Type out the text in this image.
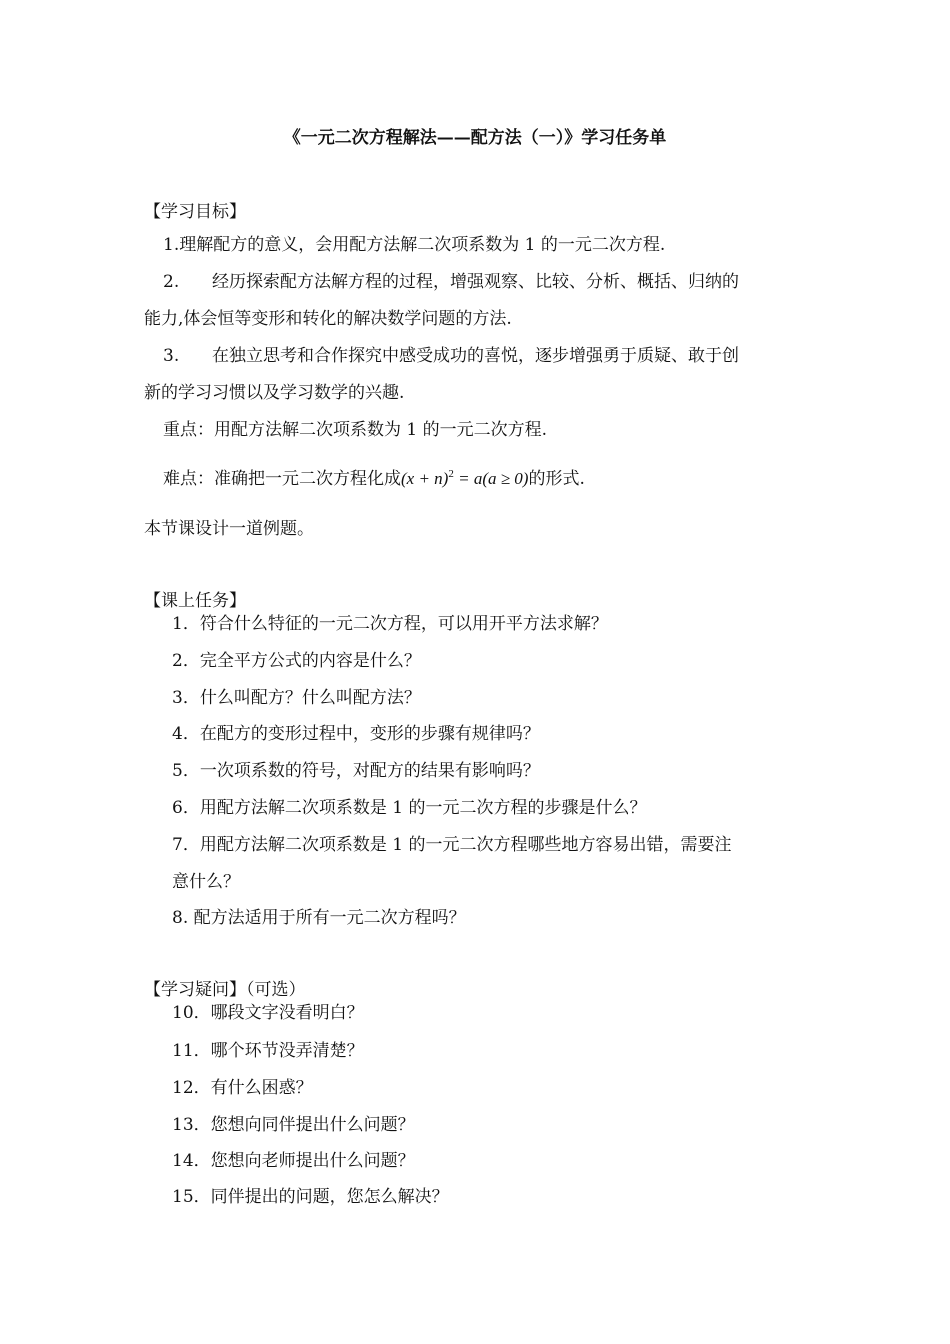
《一元二次方程解法——配方法（一）》学习任务单
【学习目标】
1.理解配方的意义，会用配方法解二次项系数为 1 的一元二次方程.
2. 经历探索配方法解方程的过程，增强观察、比较、分析、概括、归纳的
能力,体会恒等变形和转化的解决数学问题的方法.
3. 在独立思考和合作探究中感受成功的喜悦，逐步增强勇于质疑、敢于创
新的学习习惯以及学习数学的兴趣.
重点：用配方法解二次项系数为 1 的一元二次方程.
难点：准确把一元二次方程化成$(x + n)^2 = a(a \ge 0)$的形式.
本节课设计一道例题。
【课上任务】
1．符合什么特征的一元二次方程，可以用开平方法求解？
2．完全平方公式的内容是什么？
3．什么叫配方？什么叫配方法？
4．在配方的变形过程中，变形的步骤有规律吗？
5．一次项系数的符号，对配方的结果有影响吗？
6．用配方法解二次项系数是 1 的一元二次方程的步骤是什么？
7．用配方法解二次项系数是 1 的一元二次方程哪些地方容易出错，需要注
意什么？
8. 配方法适用于所有一元二次方程吗？
【学习疑问】（可选）
10．哪段文字没看明白？
11．哪个环节没弄清楚？
12．有什么困惑？
13．您想向同伴提出什么问题？
14．您想向老师提出什么问题？
15．同伴提出的问题，您怎么解决？
